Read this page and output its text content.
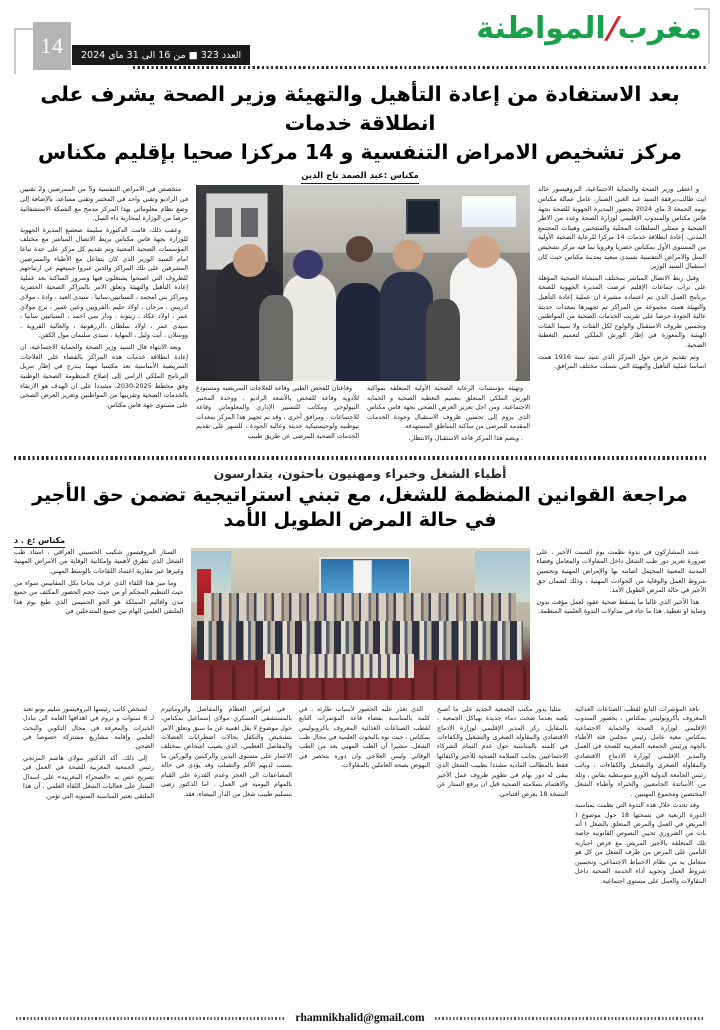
14	العدد 323 ■ من 16 الى 31 ماي 2024
مغرب/المواطنة
بعد الاستفادة من إعادة التأهيل والتهيئة وزير الصحة يشرف على انطلاقة خدمات
مركز تشخيص الامراض التنفسية و 14 مركزا صحيا بإقليم مكناس
مكناس :عبد الصمد تاج الدين

و اعطى وزير الصحة والحماية الاجتماعية، البروفيسور خالد ايت طالب،برفقة السيد عبد الغني الصبار، عامل عمالة مكناس يومه الجمعة 3 ماي 2024 بحضور المديرة الجهوية للصحة بجهة فاس مكناس والمندوب الإقليمي لوزارة الصحة وعدد من الاطر الصحية و ممثلي السلطات المحلية والمنتخبين وهيئات المجتمع المدني، إعادة انطلاقة خدمات 14 مركزا للرعاية الصحية الأولية من المستوى الأول بمكناس حضريا وقرويا بما فيه مركز تشخيص السل والامراض التنفسية بسيدي سعيد بمدينة مكناس حيث كان استقبال السيد الوزير.

وقبل ربط الاتصال المباشر بمختلف المنشاة الصحية المؤهلة على تراب جماعات الإقليم عرضت المديرة الجهوية للصحة برنامج العمل الذي تم اعتماده مشيرة ان عملية إعادة التأهيل والتهيئة همت مجموعة من المراكز تم تجهيزها بمعدات حديثة عالية الجودة حرصا على تقريب الخدمات الصحية من المواطنين وتحسين ظروف الاستقبال والولوج لكل الفئات ولا سيما الفئات الهشة والمعوزة في إطار الورش الملكي لتعميم التغطية الصحية.

وتم تقديم عرض حول المركز الذي شيد سنة 1916 همت اساسا عملية التأهيل والتهيئة التي شملت مختلف المرافق.

وتهيئة مؤسسات الرعاية الصحية الأولية المتعلقة بمواكبة الورش الملكي المتعلق بتعميم التغطية الصحية و الحماية الاجتماعية. ومن اجل تعزيز العرض الصحي بجهة فاس مكناس الذي يروم إلى تحسين ظروف الاستقبال وجودة الخدمات المقدمة للمرضى من ساكنة المناطق المستهدفة.

. ويضم هذا المركز قاعة الاستقبال والانتظار،

وقاعتان للفحص الطبي وقاعة للعلاجات التمريضية ومستودع للأدوية وقاعة للفحص بالأشعة الراديو . ووحدة المختبر البيولوجي ومكاتب للتسيير الإداري والمعلوماتي وقاعة للاجتماعات . ومرافق أخرى ، وقد تم تجهيز هذا المركز بمعدات بيوطبية ولوجيستيكية حديثة وعالية الجودة ، للسهر على تقديم الخدمات الصحية للمرضى عن طريق طبيب

متخصص في الامراض التنفسية و5 من الممرضين و2 تقنيين في الراديو وتقني واحد في المختبر وتقني مساعد، بالإضافة إلى وضع نظام معلوماتي بهذا المركز مدمج مع الشبكة الاستشفائية حرصا من الوزارة لمحاربة داء السل.

وعقب ذلك، قامت الدكتورة سليمة صعصع المديرة الجهوية للوزارة بجهة فاس مكناس بربط الاتصال المباشر مع مختلف المؤسسات الصحية المعنية وتم تقديم كل مركز على حدة تباعا امام السيد الوزير الذي كان يتفاعل مع الأطباء والممرضين المشرفين على تلك المراكز والذين عبروا جميعهم عن ارتياحهم للظروف التي اصبحوا يشتغلون فيها وسرور الساكنة بعد عملية إعادة التأهيل والتهيئة وتعلق الامر بالمراكز الصحية الحضرية ومراكز بني امحمد ، السباتيين،سانيا ، سيدي العيد ، وادة ، مولاي ادريس ، مرجان ، اولاد حليم ،القرويين وعين عمير ، برج مولاي عمر ، اولاد عكاد ، زيتونة ، ودار سي احمد ، السباتيين سانيا ، سيدي عمر ، اولاد سلطان ،الزرهونية ، والعالية القروية ، ووسلان ، أيت وليل ، المهاية ، سيدي سليمان مول الكفن.

ويعد الانتهاء قال السيد وزير الصحة والحماية الاجتماعية، ان إعادة انطلاقة خدمات هذه المراكز بالقضاء على العلاجات التمريضية الأساسية تعد مكسبا مهما يندرج في إطار تنزيل البرنامج الملكي الرامي إلى إصلاح المنظومة الصحية الوطنية وفق مخطط 2025-2030، مشددا على ان الهدف هو الارتقاء بالخدمات الصحية وتقريبها من المواطنين وتعزيز العرض الصحي على مستوى جهة فاس مكناس.

أطباء الشغل وخبراء ومهنيون باحثون، يتدارسون
مراجعة القوانين المنظمة للشغل، مع تبني استراتيجية تضمن حق الأجير في حالة المرض الطويل الأمد
مكناس :ع . د

شدد المشاركون في ندوة نظمت يوم السبت الأخير ، على ضرورة تعزيز دور طب الشغل داخل المقاولات والمعامل وفضاء المدينة المعنية المحتمل اصابته بها والإمراض المهنية وتحسين شروط العمل والوقاية من الحوادث المهنية ، وذلك لضمان حق الأجير في حالة المرض الطويل الأمد.

هذا الأخير الذي غالبا ما يسقط ضحية عقود لعمل مؤقت بدون وصاية او تغطية. هذا ما جاء في مداولات الندوة العلمية المنظمة.

الستار البروفيسور شكيب الحسيني العراقي ، استاذ طب الشغل الذي تطرق لأهمية وإمكانية الوقاية من الامراض المهنية وغيرها عبر مقاربة اعتماد اللقاحات بالوسط المهني.

وما ميز هذا اللقاء الذي عرف نجاحا بكل المقاييس سواء من حيث التنظيم المحكم أو من حيث حجم الحضور المكثف من جميع مدن واقاليم المملكة هو الجو الحميمي الذي طبع يوم هذا الملتقى العلمي الهام بين جميع المتدخلين في

تافة المؤشرات التابع لقطب الصناعات الغذائية المعروف بأكروبوليس بمكناس ، بحضور المندوب الإقليمي لوزارة الصحة والحماية الاجتماعية بمكناس معية عامل رئيس مجلس فئة الأطباء بالجهة ورئيس الجمعية المغربية للصحة في العمل والمدير الإقليمي لوزارة الادماج الاقتصادي والمقاولة الصغرى والتشغيل والكفاءات ، ونائب رئيس الجامعة الدولية الأورو متوسطية بفاس ، وثلة من الأساتذة الجامعيين والخبراء وأطباء الشغل المختصين ومجموع المهنيين .

وقد تحدث خلال هذه الندوة التي نظمت بمناسبة الدورة الربعية في نسختها 18 حول موضوع ( المريض في العمل والمرض المتعلق بالشغل ) أنه بات من الضروري تحيين النصوص القانونية خاصة تلك المتعلقة بالأجير المريض مع فرض اجبارية التأمين على المرض من طرف الشغل من كل هو متعامل به من نظام الاحتياط الاجتماعي، وتحسين شروط العمل وتجويد أداء الخدمة الصحية داخل المقاولات والعمل على مستوى اجتماعية.

مثليا يدور مكتب الجمعية الجديد على ما أصبح يلعبه بعدما ضخت دماء جديدة بهياكل الجمعية ، بالمقابل، ركز المدير الإقليمي لوزارة الادماج الاقتصادي والمقاولة الصغرى والتشغيل والكفاءات في كلمته بالمناسبة حول عدم التمام الشركاء الاجتماعيين بجانب السلامة الصحية للأجير واكتفائها فقط بالمطالب المادية مشددا بطبيب الشغل الذي يبقى له دور بهام في تطوير ظروف عمل الأجير والاهتمام بسلامته الصحية قبل ان يرفع الستار عن النسخة 18 يعرض افتتاحي.

الذي تعذر عليه الحضور لأسباب طارئة ، في كلمة بالمناسبة بفضاء قاعة المؤتمرات التابع لقطب الصناعات الغذائية المعروف باكروبوليس بمكناس ، حيث نوه بالبحوث العلمية في مجال طب الشغل، مشيرا أن الطب المهني يعد من الطب الوقائي وليس العلاجي وان دوره ينحصر في النهوض بصحة العاملين بالمقاولات.

في امراض العظام والمفاصل والروماتيزم بالمستشفى العسكري مولاي إسماعيل بمكناس، حول موضوع لا يقل اهمية عن ما سبق وتعلق الامر بتشخيص والتكفل بحالات اضطرابات العضلات والمفاصل العظمي، الذي يصيب اشخاص بمختلف الاعمار على مستوى اليدين والركبتين والوركين ما يسبب لديهم الألم والتصلب وقد يؤدي في حالة المضاعفات الى العجز وعدم القدرة على القيام بالمهام اليومية في العمل . اما الدكتور رضى بنسليم طبيب شغل من الدار البيضاء، فقد.

لشخص كاتب رئيسها البروفيسور سليم بونو تعتد لـ 6 سنوات و تروم في اهدافها العامة الى تبادل الخبرات والمعرفة في مجال التكوين والبحث العلمي وإقامة مشاريع مشتركة خصوصا في الصحي.

إلى ذلك، أكد الدكتور مولاي هاشم المرتجي رئيس الجمعية المغربية للصحة في العمل في تصريح خص به «الصحراء المغربية» على اسدال الستار على فعاليات الشغل اللقاء العلمي ، أن هذا الملتقى يعتبر المناسبة السنوية التي تؤمن.

rhamnikhalid@gmail.com
